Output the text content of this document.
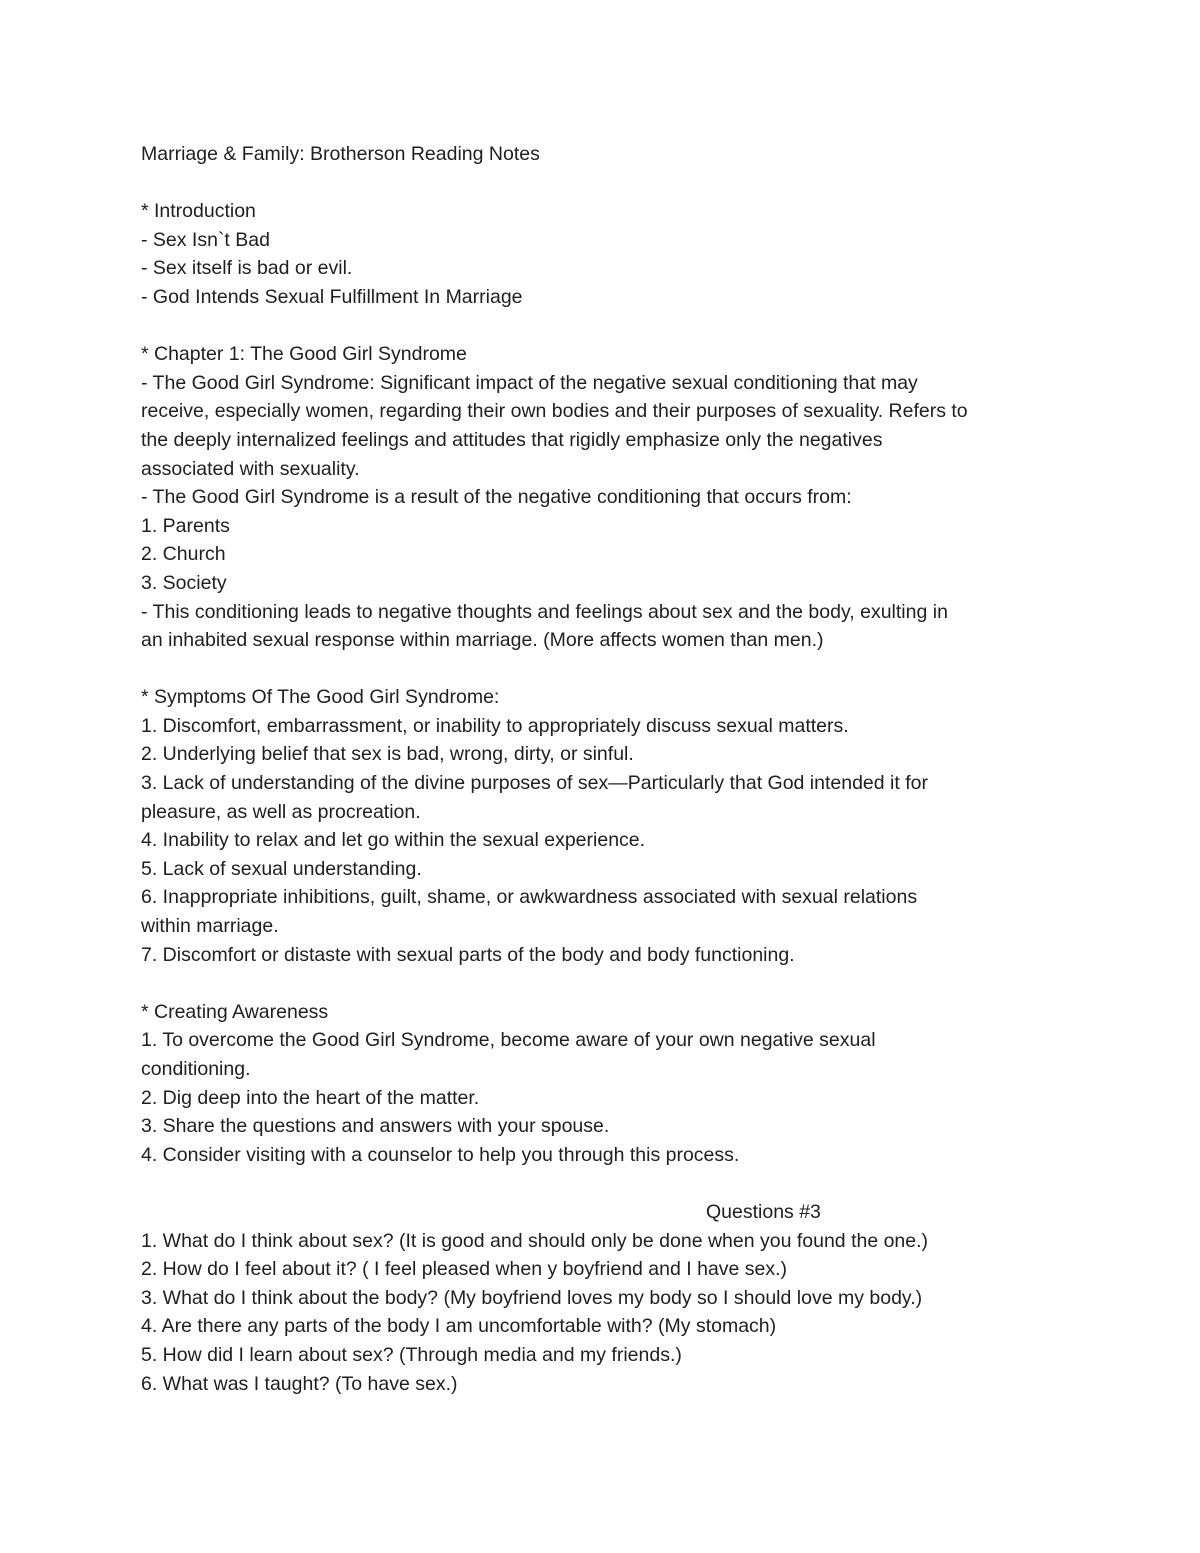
Marriage & Family: Brotherson Reading Notes

* Introduction

- Sex Isn`t Bad

- Sex itself is bad or evil.

- God Intends Sexual Fulfillment In Marriage

* Chapter 1: The Good Girl Syndrome

- The Good Girl Syndrome: Significant impact of the negative sexual conditioning that may

receive, especially women, regarding their own bodies and their purposes of sexuality. Refers to

the deeply internalized feelings and attitudes that rigidly emphasize only the negatives

associated with sexuality.

- The Good Girl Syndrome is a result of the negative conditioning that occurs from:

1. Parents

2. Church

3. Society

- This conditioning leads to negative thoughts and feelings about sex and the body, exulting in

an inhabited sexual response within marriage. (More affects women than men.)

* Symptoms Of The Good Girl Syndrome:

1. Discomfort, embarrassment, or inability to appropriately discuss sexual matters.

2. Underlying belief that sex is bad, wrong, dirty, or sinful.

3. Lack of understanding of the divine purposes of sex—Particularly that God intended it for

pleasure, as well as procreation.

4. Inability to relax and let go within the sexual experience.

5. Lack of sexual understanding.

6. Inappropriate inhibitions, guilt, shame, or awkwardness associated with sexual relations

within marriage.

7. Discomfort or distaste with sexual parts of the body and body functioning.

* Creating Awareness

1. To overcome the Good Girl Syndrome, become aware of your own negative sexual

conditioning.

2. Dig deep into the heart of the matter.

3. Share the questions and answers with your spouse.

4. Consider visiting with a counselor to help you through this process.

Questions #3

1. What do I think about sex? (It is good and should only be done when you found the one.)

2. How do I feel about it? ( I feel pleased when y boyfriend and I have sex.)

3. What do I think about the body? (My boyfriend loves my body so I should love my body.)

4. Are there any parts of the body I am uncomfortable with? (My stomach)

5. How did I learn about sex? (Through media and my friends.)

6. What was I taught? (To have sex.)
